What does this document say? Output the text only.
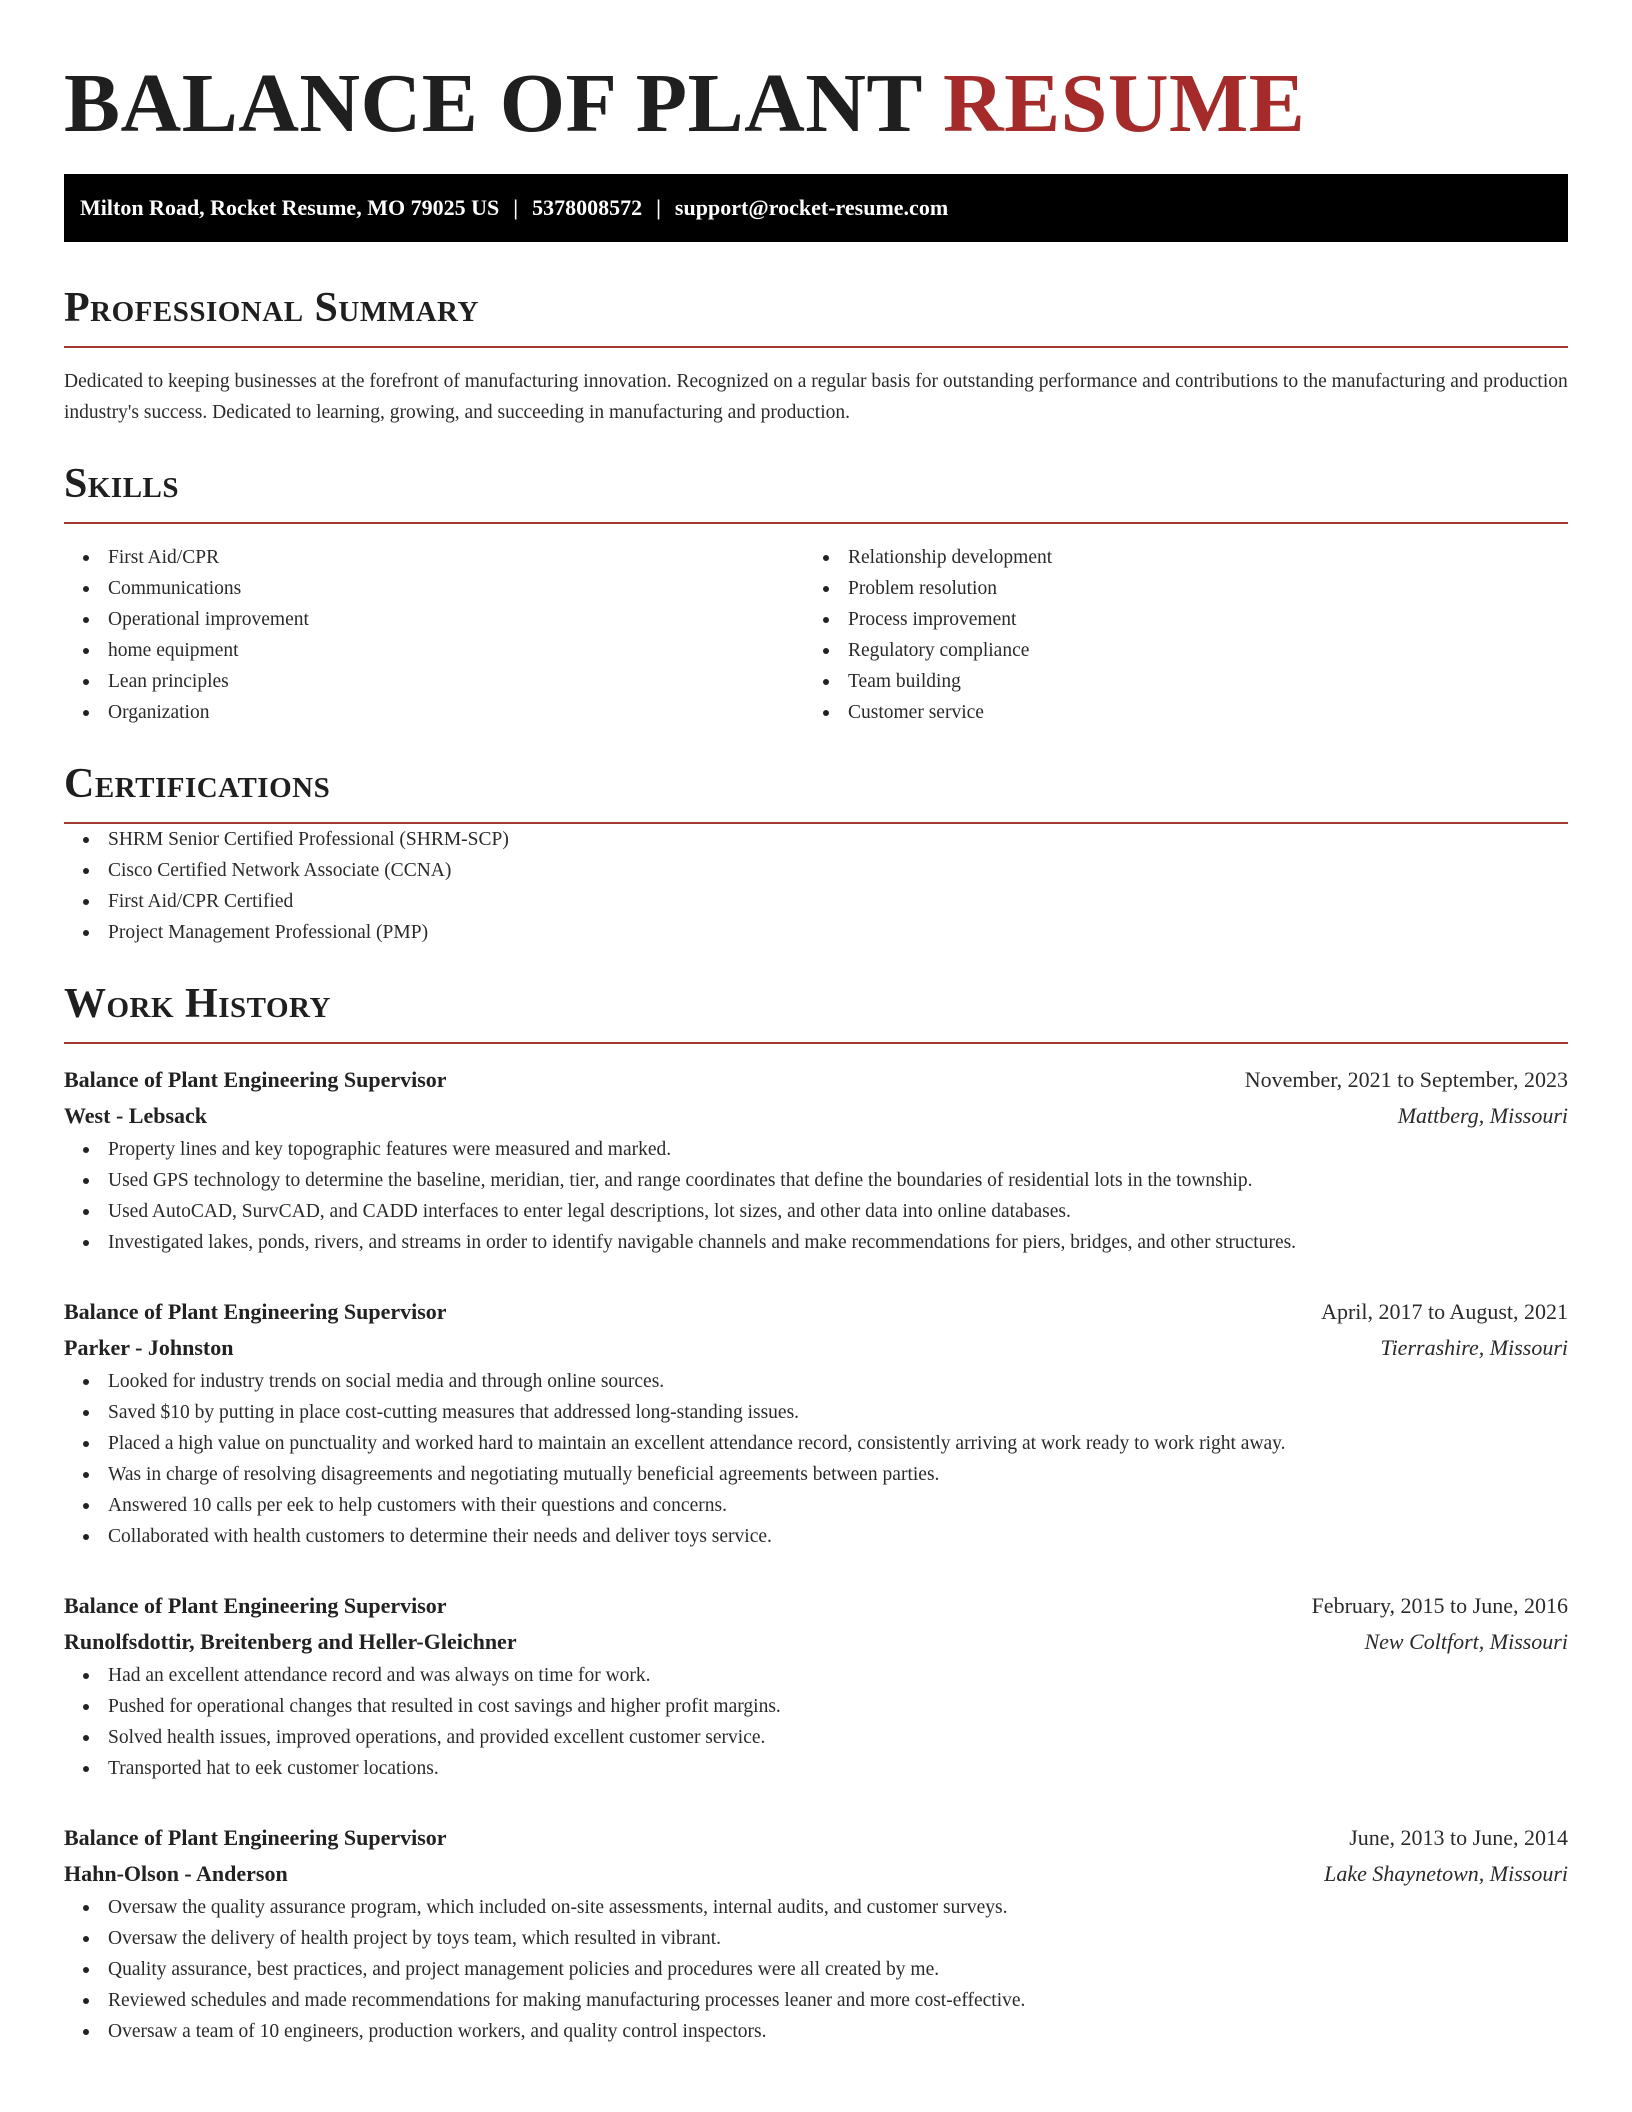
BALANCE OF PLANT RESUME
Milton Road, Rocket Resume, MO 79025 US | 5378008572 | support@rocket-resume.com
Professional Summary

Dedicated to keeping businesses at the forefront of manufacturing innovation. Recognized on a regular basis for outstanding performance and contributions to the manufacturing and production industry's success. Dedicated to learning, growing, and succeeding in manufacturing and production.

Skills
First Aid/CPR
Communications
Operational improvement
home equipment
Lean principles
Organization
Relationship development
Problem resolution
Process improvement
Regulatory compliance
Team building
Customer service
Certifications
SHRM Senior Certified Professional (SHRM-SCP)
Cisco Certified Network Associate (CCNA)
First Aid/CPR Certified
Project Management Professional (PMP)
Work History
Balance of Plant Engineering Supervisor	November, 2021 to September, 2023
West - Lebsack	Mattberg, Missouri
Property lines and key topographic features were measured and marked.
Used GPS technology to determine the baseline, meridian, tier, and range coordinates that define the boundaries of residential lots in the township.
Used AutoCAD, SurvCAD, and CADD interfaces to enter legal descriptions, lot sizes, and other data into online databases.
Investigated lakes, ponds, rivers, and streams in order to identify navigable channels and make recommendations for piers, bridges, and other structures.
Balance of Plant Engineering Supervisor	April, 2017 to August, 2021
Parker - Johnston	Tierrashire, Missouri
Looked for industry trends on social media and through online sources.
Saved $10 by putting in place cost-cutting measures that addressed long-standing issues.
Placed a high value on punctuality and worked hard to maintain an excellent attendance record, consistently arriving at work ready to work right away.
Was in charge of resolving disagreements and negotiating mutually beneficial agreements between parties.
Answered 10 calls per eek to help customers with their questions and concerns.
Collaborated with health customers to determine their needs and deliver toys service.
Balance of Plant Engineering Supervisor	February, 2015 to June, 2016
Runolfsdottir, Breitenberg and Heller-Gleichner	New Coltfort, Missouri
Had an excellent attendance record and was always on time for work.
Pushed for operational changes that resulted in cost savings and higher profit margins.
Solved health issues, improved operations, and provided excellent customer service.
Transported hat to eek customer locations.
Balance of Plant Engineering Supervisor	June, 2013 to June, 2014
Hahn-Olson - Anderson	Lake Shaynetown, Missouri
Oversaw the quality assurance program, which included on-site assessments, internal audits, and customer surveys.
Oversaw the delivery of health project by toys team, which resulted in vibrant.
Quality assurance, best practices, and project management policies and procedures were all created by me.
Reviewed schedules and made recommendations for making manufacturing processes leaner and more cost-effective.
Oversaw a team of 10 engineers, production workers, and quality control inspectors.
